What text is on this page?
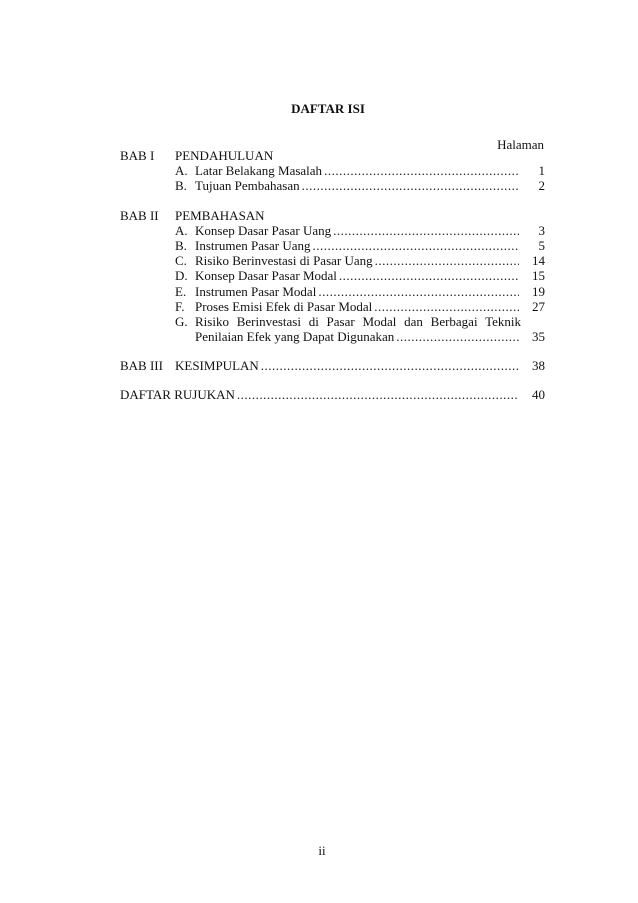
DAFTAR ISI
Halaman
BAB I	PENDAHULUAN
A. Latar Belakang Masalah .....	1
B. Tujuan Pembahasan .....	2
BAB II	PEMBAHASAN
A. Konsep Dasar Pasar Uang .....	3
B. Instrumen Pasar Uang .....	5
C. Risiko Berinvestasi di Pasar Uang .....	14
D. Konsep Dasar Pasar Modal .....	15
E. Instrumen Pasar Modal .....	19
F. Proses Emisi Efek di Pasar Modal .....	27
G. Risiko Berinvestasi di Pasar Modal dan Berbagai Teknik
Penilaian Efek yang Dapat Digunakan .....	35
BAB III KESIMPULAN .....	38
DAFTAR RUJUKAN .....	40
ii
